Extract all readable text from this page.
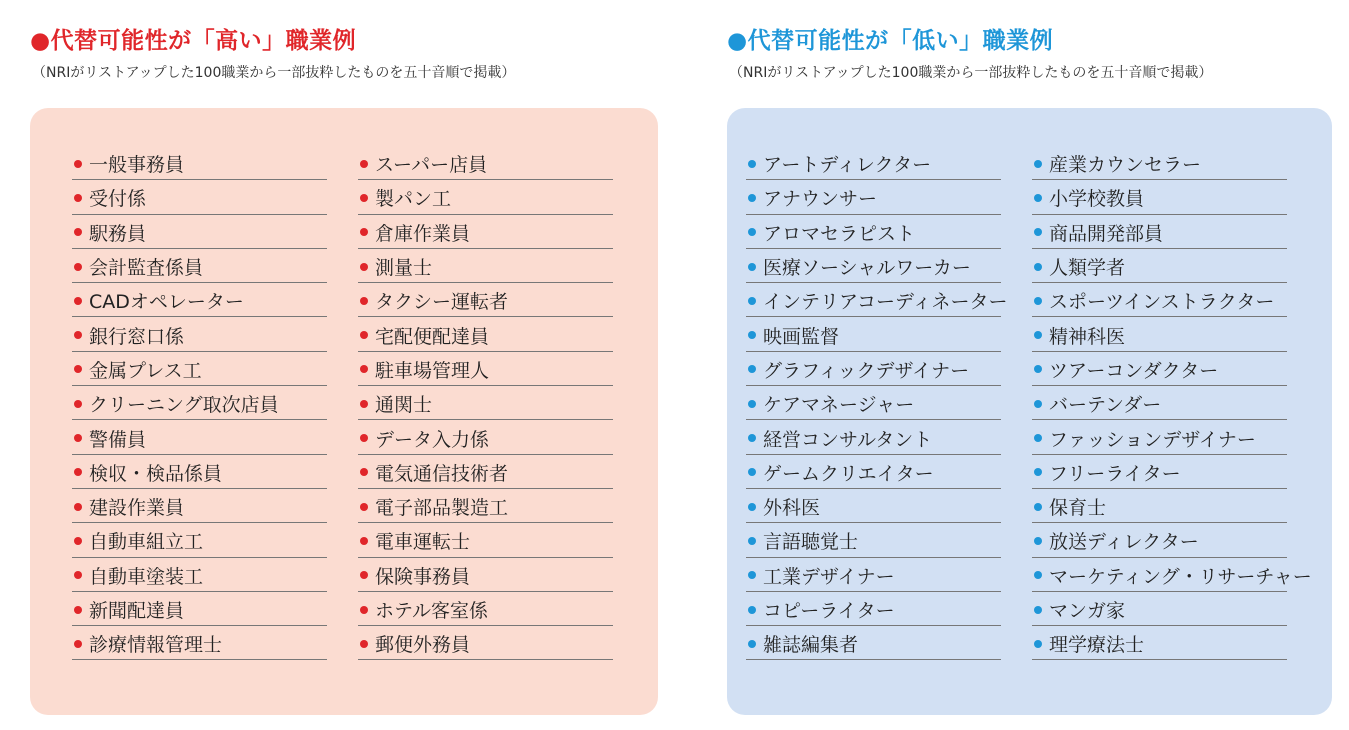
●代替可能性が「高い」職業例
（NRIがリストアップした100職業から一部抜粋したものを五十音順で掲載）
一般事務員
受付係
駅務員
会計監査係員
CADオペレーター
銀行窓口係
金属プレス工
クリーニング取次店員
警備員
検収・検品係員
建設作業員
自動車組立工
自動車塗装工
新聞配達員
診療情報管理士
スーパー店員
製パン工
倉庫作業員
測量士
タクシー運転者
宅配便配達員
駐車場管理人
通関士
データ入力係
電気通信技術者
電子部品製造工
電車運転士
保険事務員
ホテル客室係
郵便外務員
●代替可能性が「低い」職業例
（NRIがリストアップした100職業から一部抜粋したものを五十音順で掲載）
アートディレクター
アナウンサー
アロマセラピスト
医療ソーシャルワーカー
インテリアコーディネーター
映画監督
グラフィックデザイナー
ケアマネージャー
経営コンサルタント
ゲームクリエイター
外科医
言語聴覚士
工業デザイナー
コピーライター
雑誌編集者
産業カウンセラー
小学校教員
商品開発部員
人類学者
スポーツインストラクター
精神科医
ツアーコンダクター
バーテンダー
ファッションデザイナー
フリーライター
保育士
放送ディレクター
マーケティング・リサーチャー
マンガ家
理学療法士
